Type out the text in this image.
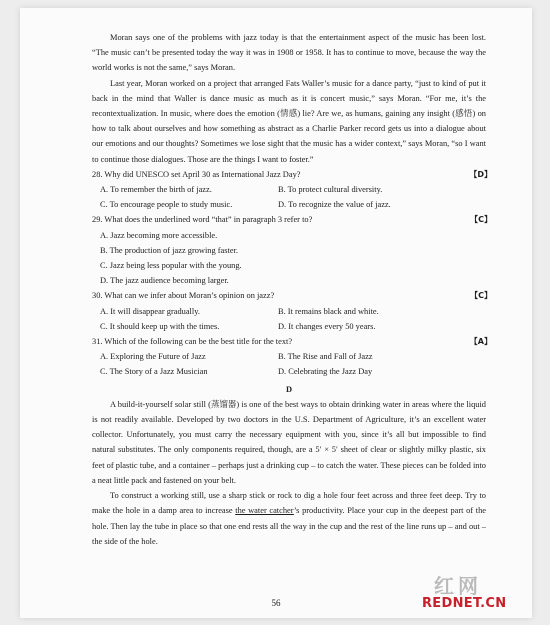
Moran says one of the problems with jazz today is that the entertainment aspect of the music has been lost. “The music can’t be presented today the way it was in 1908 or 1958. It has to continue to move, because the way the world works is not the same,” says Moran.

Last year, Moran worked on a project that arranged Fats Waller’s music for a dance party, “just to kind of put it back in the mind that Waller is dance music as much as it is concert music,” says Moran. “For me, it’s the recontextualization. In music, where does the emotion (情感) lie? Are we, as humans, gaining any insight (感悟) on how to talk about ourselves and how something as abstract as a Charlie Parker record gets us into a dialogue about our emotions and our thoughts? Sometimes we lose sight that the music has a wider context,” says Moran, “so I want to continue those dialogues. Those are the things I want to foster.”

28. Why did UNESCO set April 30 as International Jazz Day?	【D】

A. To remember the birth of jazz.	B. To protect cultural diversity.
C. To encourage people to study music.	D. To recognize the value of jazz.

29. What does the underlined word “that” in paragraph 3 refer to?	【C】

A. Jazz becoming more accessible.
B. The production of jazz growing faster.
C. Jazz being less popular with the young.
D. The jazz audience becoming larger.

30. What can we infer about Moran’s opinion on jazz?	【C】

A. It will disappear gradually.	B. It remains black and white.
C. It should keep up with the times.	D. It changes every 50 years.

31. Which of the following can be the best title for the text?	【A】

A. Exploring the Future of Jazz	B. The Rise and Fall of Jazz
C. The Story of a Jazz Musician	D. Celebrating the Jazz Day

D

A build-it-yourself solar still (蒸馏器) is one of the best ways to obtain drinking water in areas where the liquid is not readily available. Developed by two doctors in the U.S. Department of Agriculture, it’s an excellent water collector. Unfortunately, you must carry the necessary equipment with you, since it’s all but impossible to find natural substitutes. The only components required, though, are a 5′ × 5′ sheet of clear or slightly milky plastic, six feet of plastic tube, and a container – perhaps just a drinking cup – to catch the water. These pieces can be folded into a neat little pack and fastened on your belt.

To construct a working still, use a sharp stick or rock to dig a hole four feet across and three feet deep. Try to make the hole in a damp area to increase the water catcher’s productivity. Place your cup in the deepest part of the hole. Then lay the tube in place so that one end rests all the way in the cup and the rest of the line runs up – and out – the side of the hole.

56
红网
REDNET.CN
